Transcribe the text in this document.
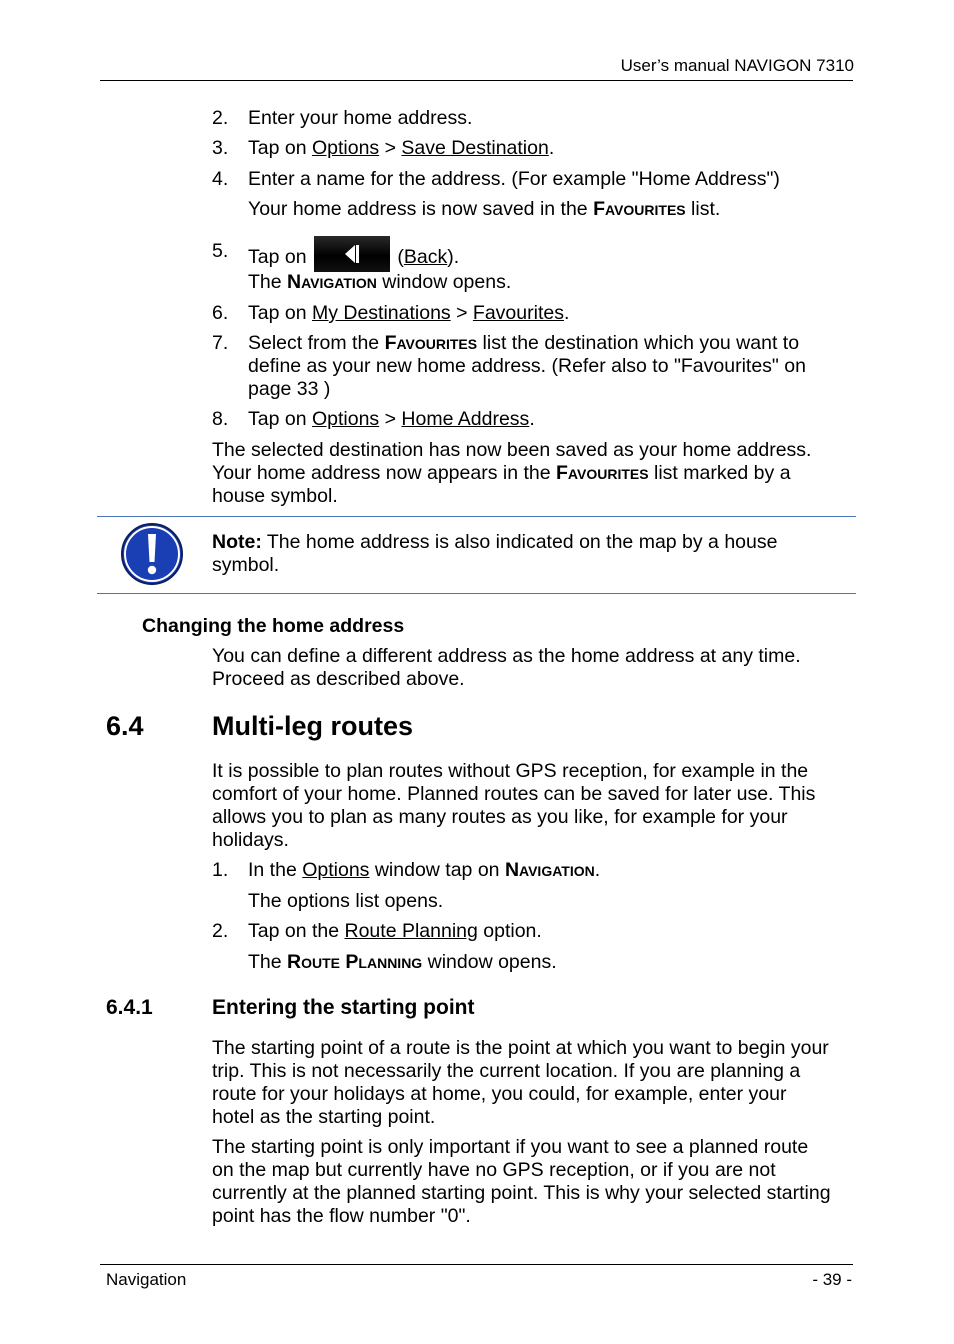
User’s manual NAVIGON 7310
2. Enter your home address.
3. Tap on Options > Save Destination.
4. Enter a name for the address. (For example "Home Address")
Your home address is now saved in the Favourites list.
5. Tap on	(Back).
The Navigation window opens.
6. Tap on My Destinations > Favourites.
7. Select from the Favourites list the destination which you want to
define as your new home address. (Refer also to "Favourites" on
page 33 )
8. Tap on Options > Home Address.
The selected destination has now been saved as your home address.
Your home address now appears in the Favourites list marked by a
house symbol.
Note: The home address is also indicated on the map by a house
symbol.
Changing the home address
You can define a different address as the home address at any time.
Proceed as described above.
6.4	Multi-leg routes
It is possible to plan routes without GPS reception, for example in the
comfort of your home. Planned routes can be saved for later use. This
allows you to plan as many routes as you like, for example for your
holidays.
1. In the Options window tap on Navigation.
The options list opens.
2. Tap on the Route Planning option.
The Route Planning window opens.
6.4.1	Entering the starting point
The starting point of a route is the point at which you want to begin your
trip. This is not necessarily the current location. If you are planning a
route for your holidays at home, you could, for example, enter your
hotel as the starting point.
The starting point is only important if you want to see a planned route
on the map but currently have no GPS reception, or if you are not
currently at the planned starting point. This is why your selected starting
point has the flow number "0".
Navigation	- 39 -
